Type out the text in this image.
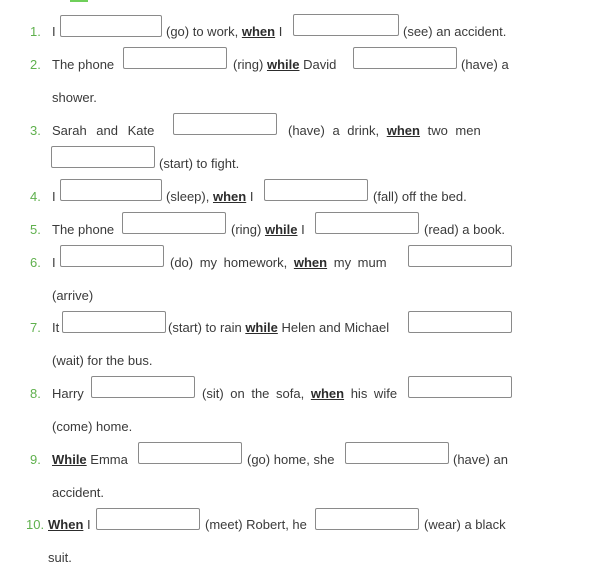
1. I	(go) to work, when I	(see) an accident.
2. The phone	(ring) while David	(have) a
shower.
3. Sarah and Kate	(have) a drink, when two men
(start) to fight.
4. I	(sleep), when I	(fall) off the bed.
5. The phone	(ring) while I	(read) a book.
6. I	(do) my homework, when my mum
(arrive)
7. It	(start) to rain while Helen and Michael
(wait) for the bus.
8. Harry	(sit) on the sofa, when his wife
(come) home.
9. While Emma	(go) home, she	(have) an
accident.
10. When I	(meet) Robert, he	(wear) a black
suit.
